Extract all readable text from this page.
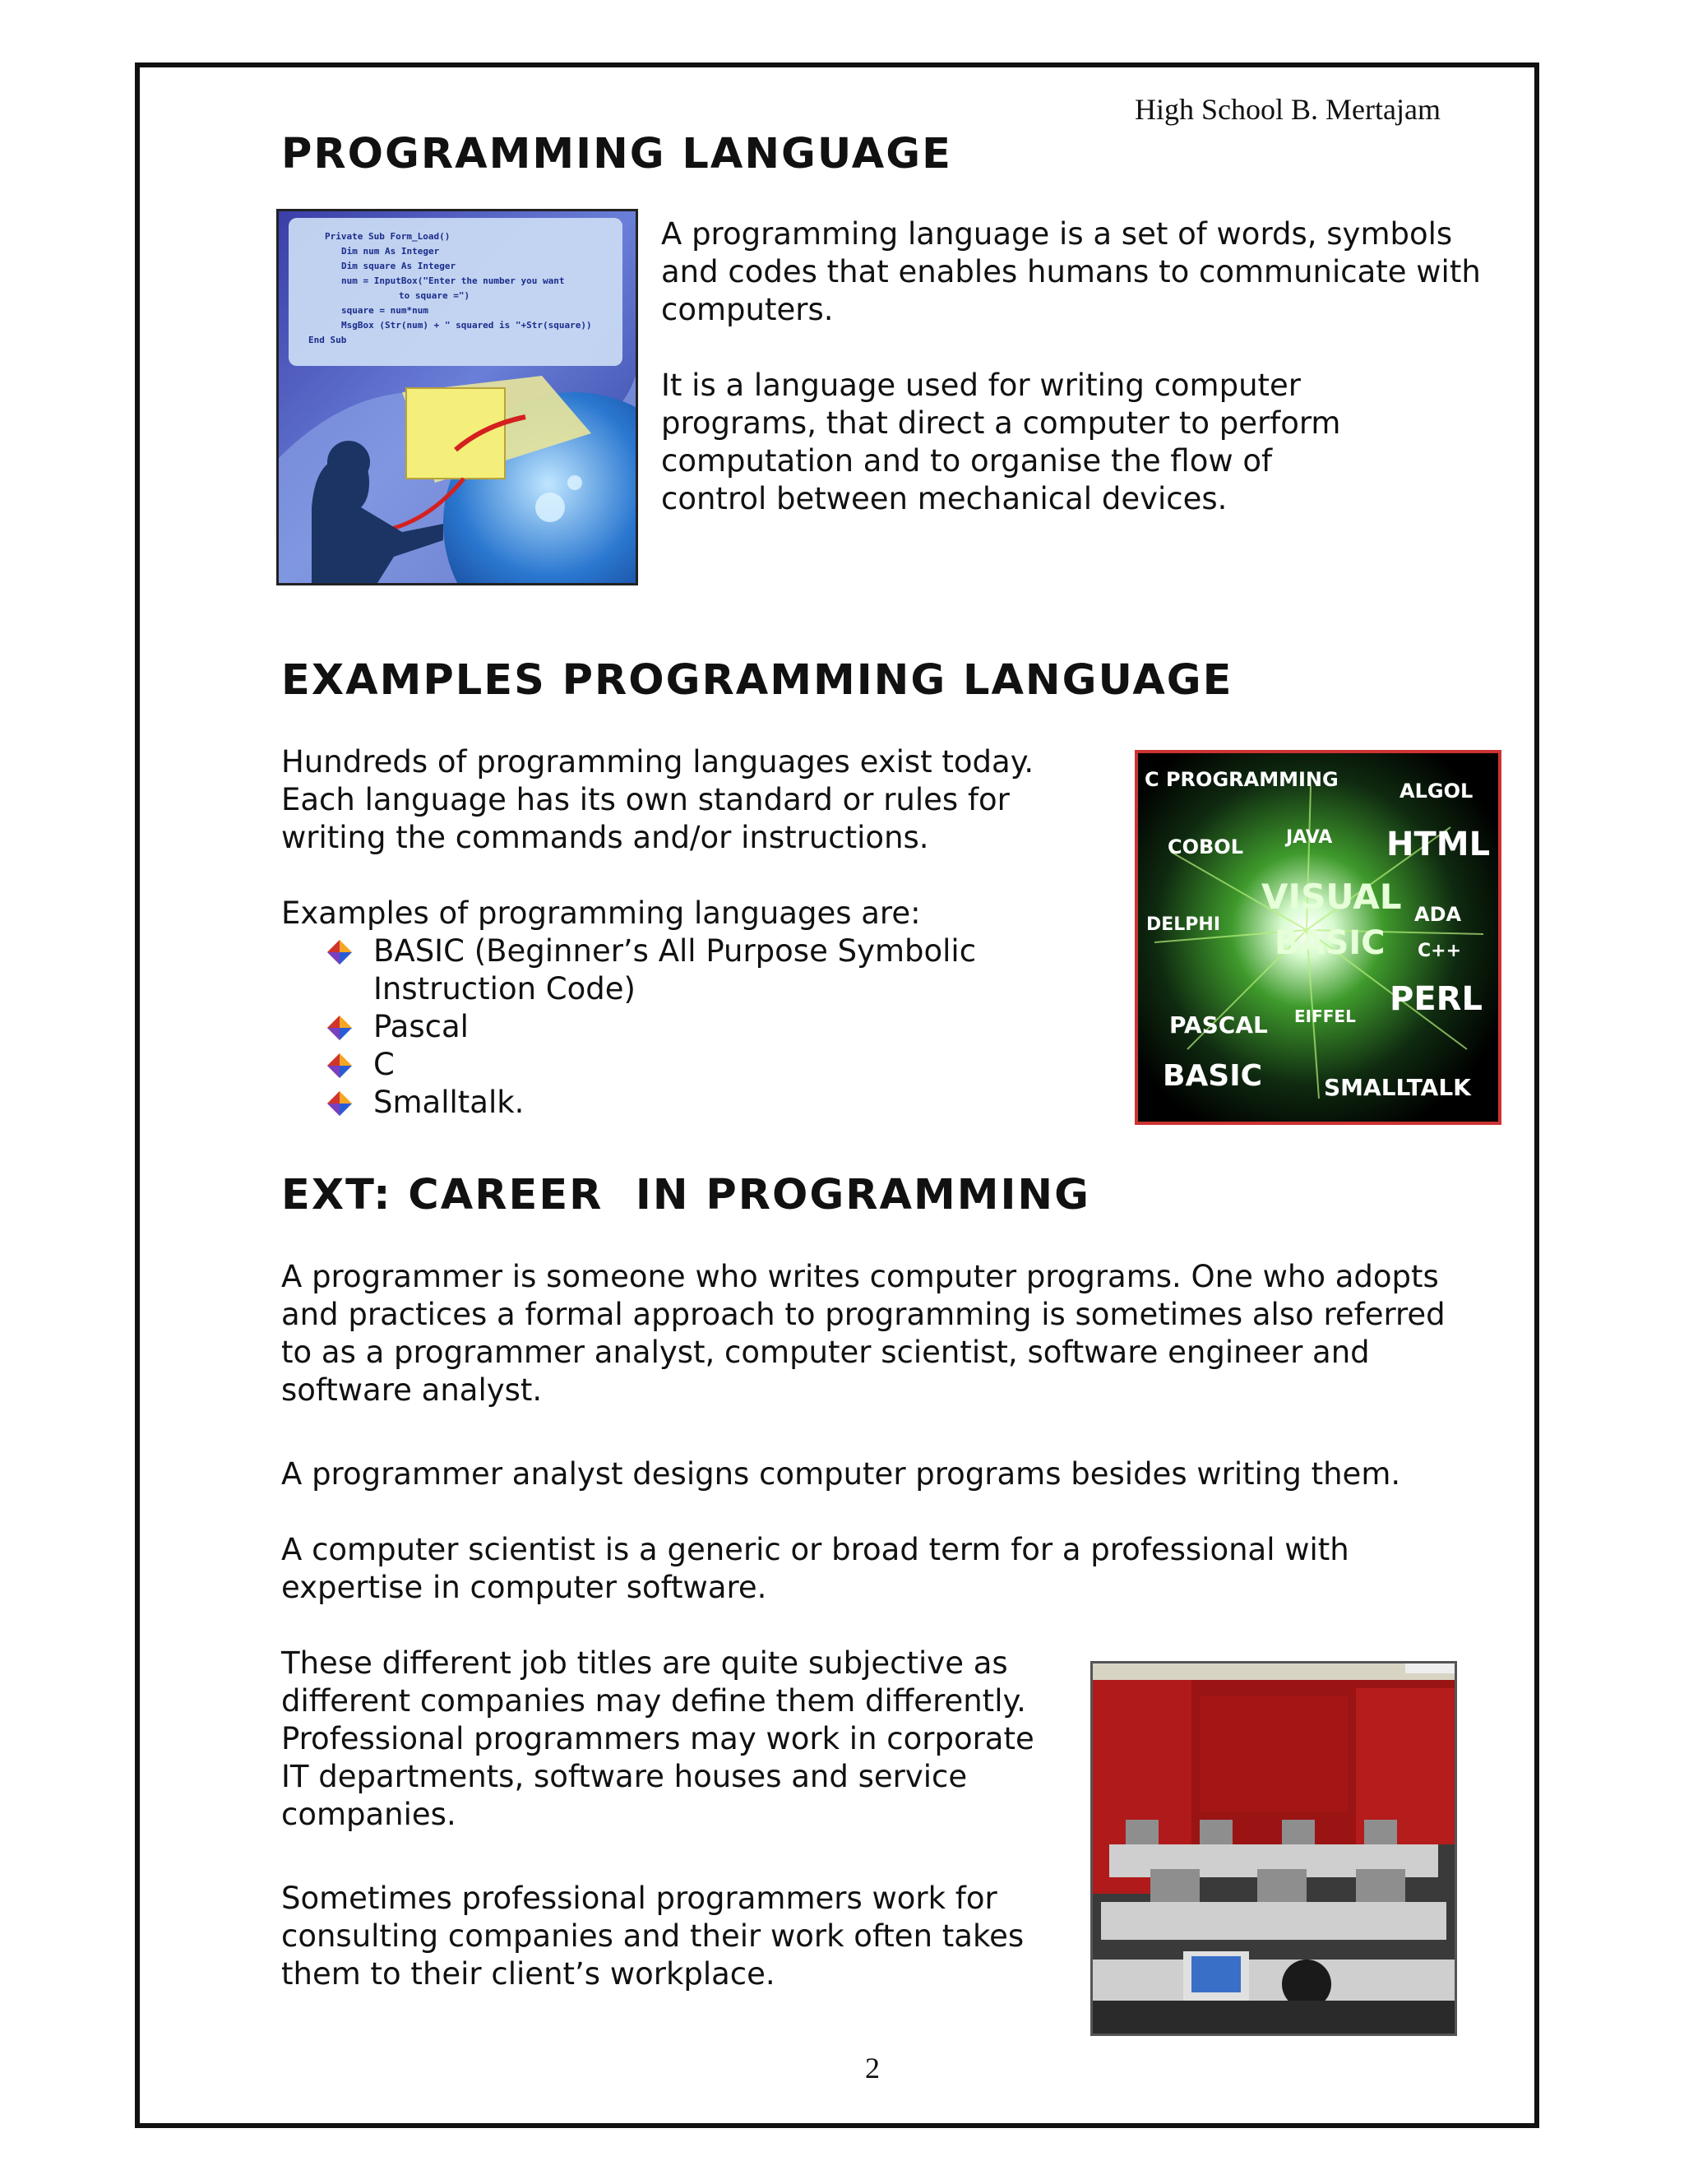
High School B. Mertajam
PROGRAMMING LANGUAGE
Private Sub Form_Load()
Dim num As Integer
Dim square As Integer
num = InputBox("Enter the number you want
to square =")
square = num*num
MsgBox (Str(num) + " squared is "+Str(square))
End Sub

A programming language is a set of words, symbols and codes that enables humans to communicate with computers.

It is a language used for writing computer programs, that direct a computer to perform computation and to organise the flow of control between mechanical devices.

EXAMPLES PROGRAMMING LANGUAGE

Hundreds of programming languages exist today. Each language has its own standard or rules for writing the commands and/or instructions.

Examples of programming languages are:

BASIC (Beginner’s All Purpose Symbolic Instruction Code)
Pascal
C
Smalltalk.
C PROGRAMMING	ALGOL
COBOL JAVA HTML
VISUAL
DELPHI	ADA
BASIC C++
PASCAL EIFFEL PERL
BASIC	SMALLTALK
EXT: CAREER  IN PROGRAMMING

A programmer is someone who writes computer programs. One who adopts and practices a formal approach to programming is sometimes also referred to as a programmer analyst, computer scientist, software engineer and software analyst.

A programmer analyst designs computer programs besides writing them.

A computer scientist is a generic or broad term for a professional with expertise in computer software.

These different job titles are quite subjective as different companies may define them differently. Professional programmers may work in corporate IT departments, software houses and service companies.

Sometimes professional programmers work for consulting companies and their work often takes them to their client’s workplace.

2
